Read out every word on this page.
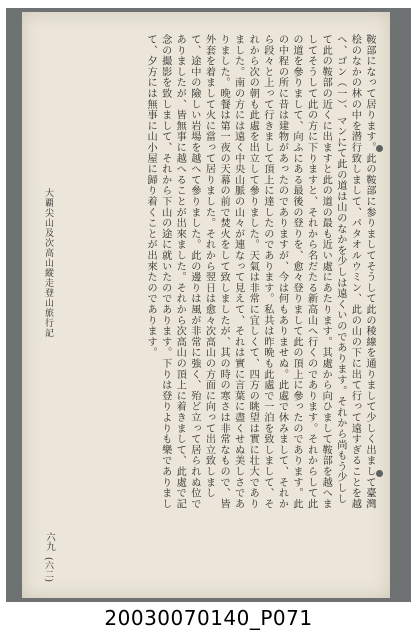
鞍部になって居ります。此の鞍部に参りましてそうして此の稜線を通りまして少しく出まして臺灣桧のなかの林の中を潜行致しまして、パタオルウミン、此の山の下に出て行って遠すぎることを越へ、ゴン（一）、マンにて此の道は山のなかを少しは遠くいのであります。それから尚もう少しして此の鞍部の近くに出ますと此の道の最も近い處にあたります。其處から向ひまして鞍部を越へましてそうして此の方に下りますと、それから名だたる新高山へ行くのであります。それからして此の道を參りまして、向ふにある最後の登りを、愈々登りまして此の頂上に參ったのであります。此の中程の所に昔は建物があったのでありますが、今は何もありませぬ。此處で休みまして、それから段々と上って行きまして頂上に達したのであります。私共は昨晩も此處で一泊を致しまして、それから次の朝も此處を出立して參りました。天氣は非常に宜しくて、四方の眺望は實に壮大でありました。南の方には遠く中央山脈の山々が連なって見えて、それは實に言葉に盡くせぬ美しさでありました。晩餐は第一夜の天幕の前で焚火をして致しましたが、其の時の寒さは非常なもので、皆外套を着まして火に當って居りました。それから翌日は愈々次高山の方面に向って出立致しまして、途中の險しい岩場を越へて參りました。此の邊りは風が非常に強く、殆ど立って居られぬ位でありましたが、皆無事に越へることが出來ました。それから次高山の頂上に着きまして、此處で記念の撮影を致しまして、それから下山の途に就いたのであります。下りは登りよりも樂でありまして、夕方には無事に山小屋に歸り着くことが出來たのであります。
大覇尖山及次高山縱走登山旅行記
六九
(六二)
20030070140_P071
